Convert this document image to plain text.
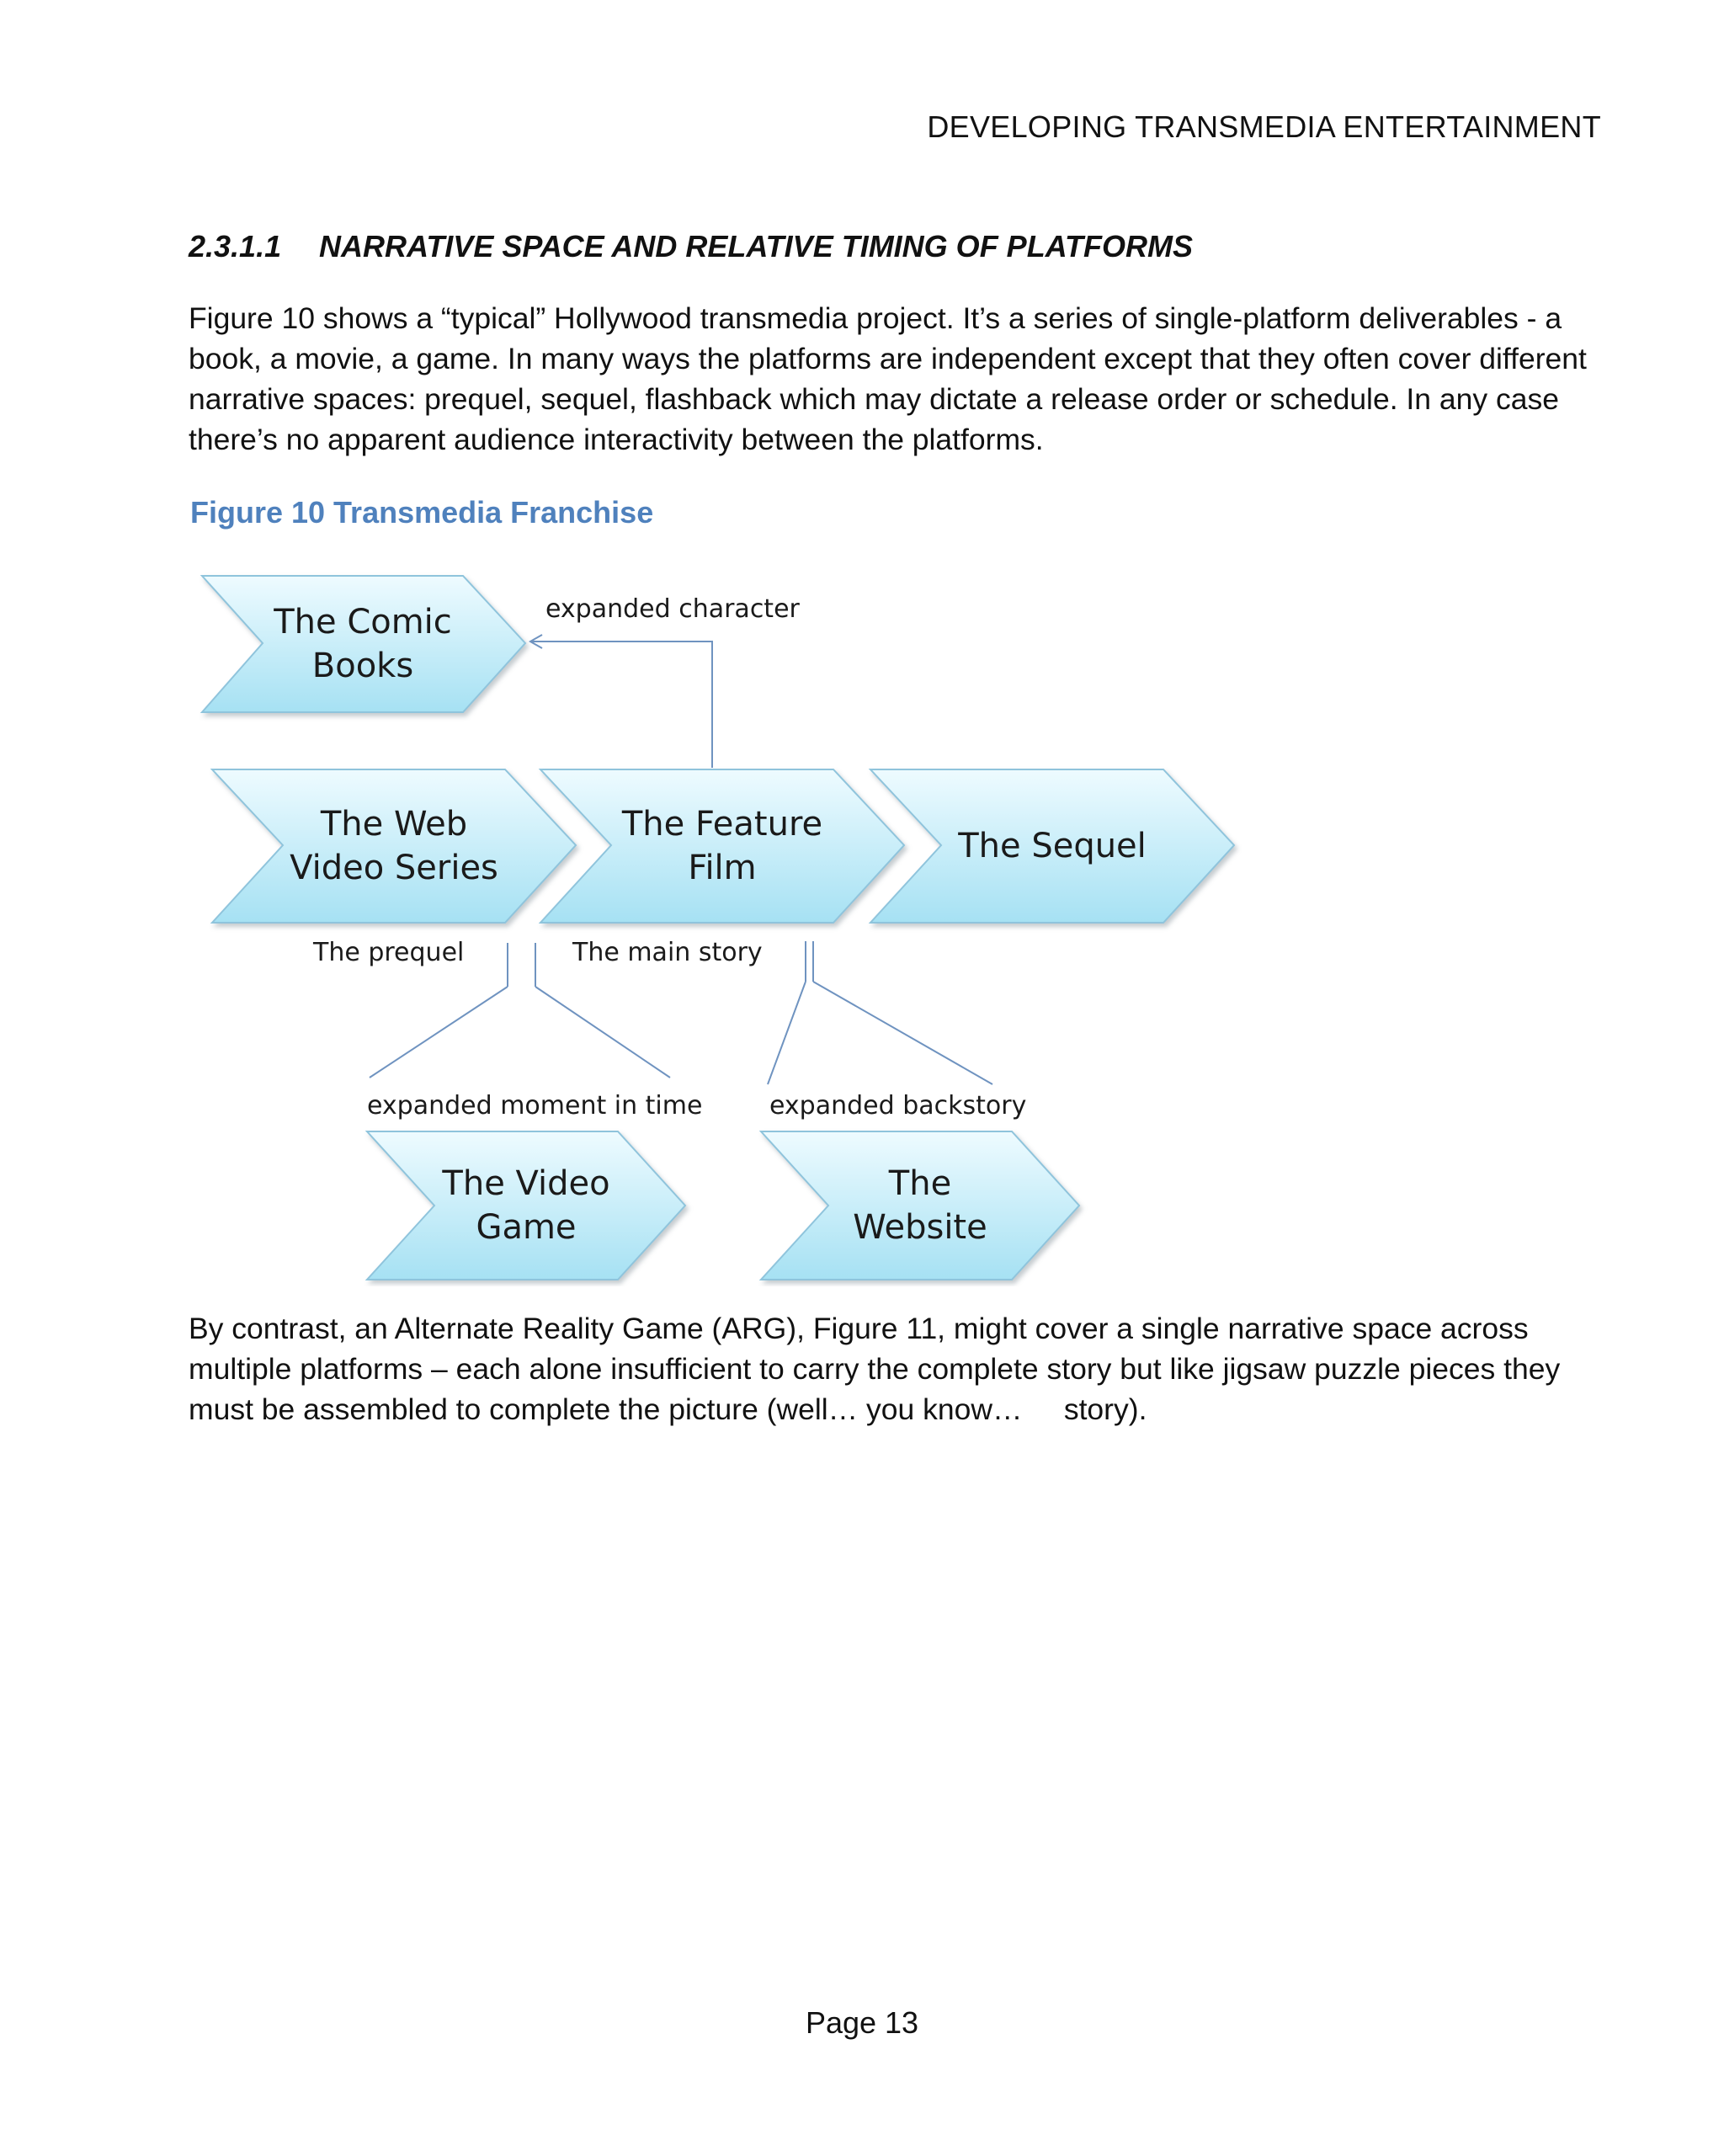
DEVELOPING TRANSMEDIA ENTERTAINMENT
2.3.1.1 NARRATIVE SPACE AND RELATIVE TIMING OF PLATFORMS
Figure 10 shows a “typical” Hollywood transmedia project. It’s a series of single-platform deliverables - a book, a movie, a game. In many ways the platforms are independent except that they often cover different narrative spaces: prequel, sequel, flashback which may dictate a release order or schedule. In any case there’s no apparent audience interactivity between the platforms.
Figure 10 Transmedia Franchise
The Comic Books
The Web Video Series
The Feature Film
The Sequel
The Video Game
The Website
expanded character
The prequel	The main story
expanded moment in time	expanded backstory
By contrast, an Alternate Reality Game (ARG), Figure 11, might cover a single narrative space across multiple platforms – each alone insufficient to carry the complete story but like jigsaw puzzle pieces they must be assembled to complete the picture (well… you know…     story).
Page 13
